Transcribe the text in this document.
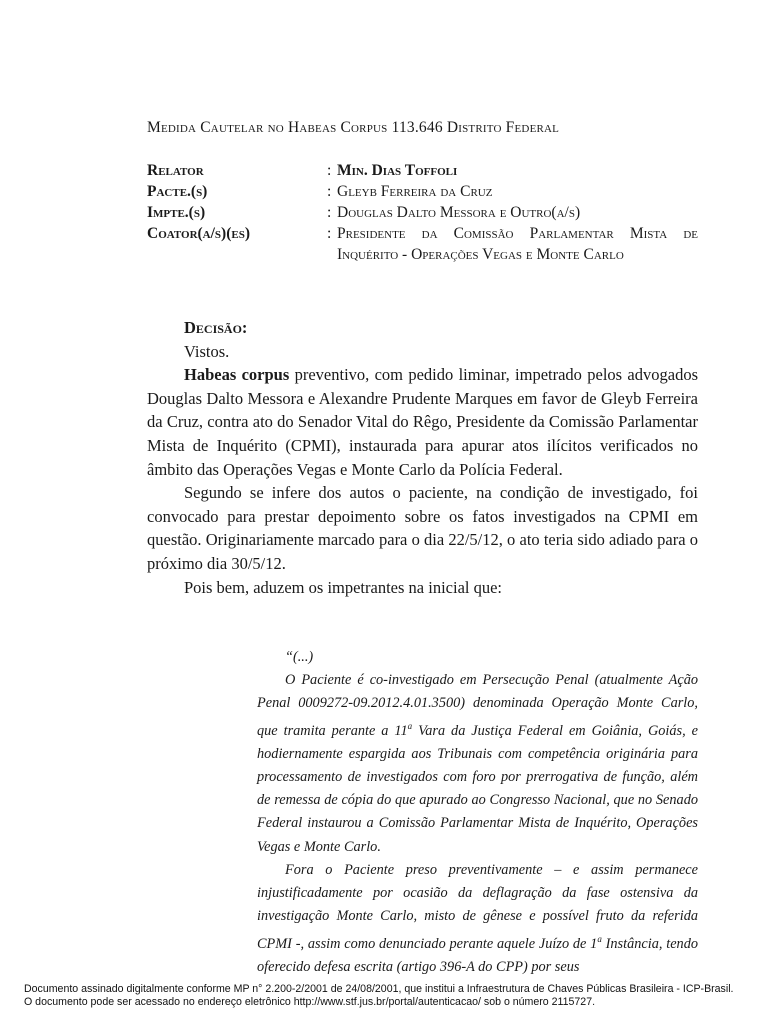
Medida Cautelar no Habeas Corpus 113.646 Distrito Federal
Relator	: Min. Dias Toffoli
Pacte.(s)	: Gleyb Ferreira da Cruz
Impte.(s)	: Douglas Dalto Messora e Outro(a/s)
Coator(a/s)(es)	: Presidente da Comissão Parlamentar Mista de Inquérito - Operações Vegas e Monte Carlo

Decisão:

Vistos.

Habeas corpus preventivo, com pedido liminar, impetrado pelos advogados Douglas Dalto Messora e Alexandre Prudente Marques em favor de Gleyb Ferreira da Cruz, contra ato do Senador Vital do Rêgo, Presidente da Comissão Parlamentar Mista de Inquérito (CPMI), instaurada para apurar atos ilícitos verificados no âmbito das Operações Vegas e Monte Carlo da Polícia Federal.

Segundo se infere dos autos o paciente, na condição de investigado, foi convocado para prestar depoimento sobre os fatos investigados na CPMI em questão. Originariamente marcado para o dia 22/5/12, o ato teria sido adiado para o próximo dia 30/5/12.

Pois bem, aduzem os impetrantes na inicial que:

“(...)

O Paciente é co-investigado em Persecução Penal (atualmente Ação Penal 0009272-09.2012.4.01.3500) denominada Operação Monte Carlo, que tramita perante a 11$^a$ Vara da Justiça Federal em Goiânia, Goiás, e hodiernamente espargida aos Tribunais com competência originária para processamento de investigados com foro por prerrogativa de função, além de remessa de cópia do que apurado ao Congresso Nacional, que no Senado Federal instaurou a Comissão Parlamentar Mista de Inquérito, Operações Vegas e Monte Carlo.

Fora o Paciente preso preventivamente – e assim permanece injustificadamente por ocasião da deflagração da fase ostensiva da investigação Monte Carlo, misto de gênese e possível fruto da referida CPMI -, assim como denunciado perante aquele Juízo de 1$^a$ Instância, tendo oferecido defesa escrita (artigo 396-A do CPP) por seus

Documento assinado digitalmente conforme MP n° 2.200-2/2001 de 24/08/2001, que institui a Infraestrutura de Chaves Públicas Brasileira - ICP-Brasil. O documento pode ser acessado no endereço eletrônico http://www.stf.jus.br/portal/autenticacao/ sob o número 2115727.
